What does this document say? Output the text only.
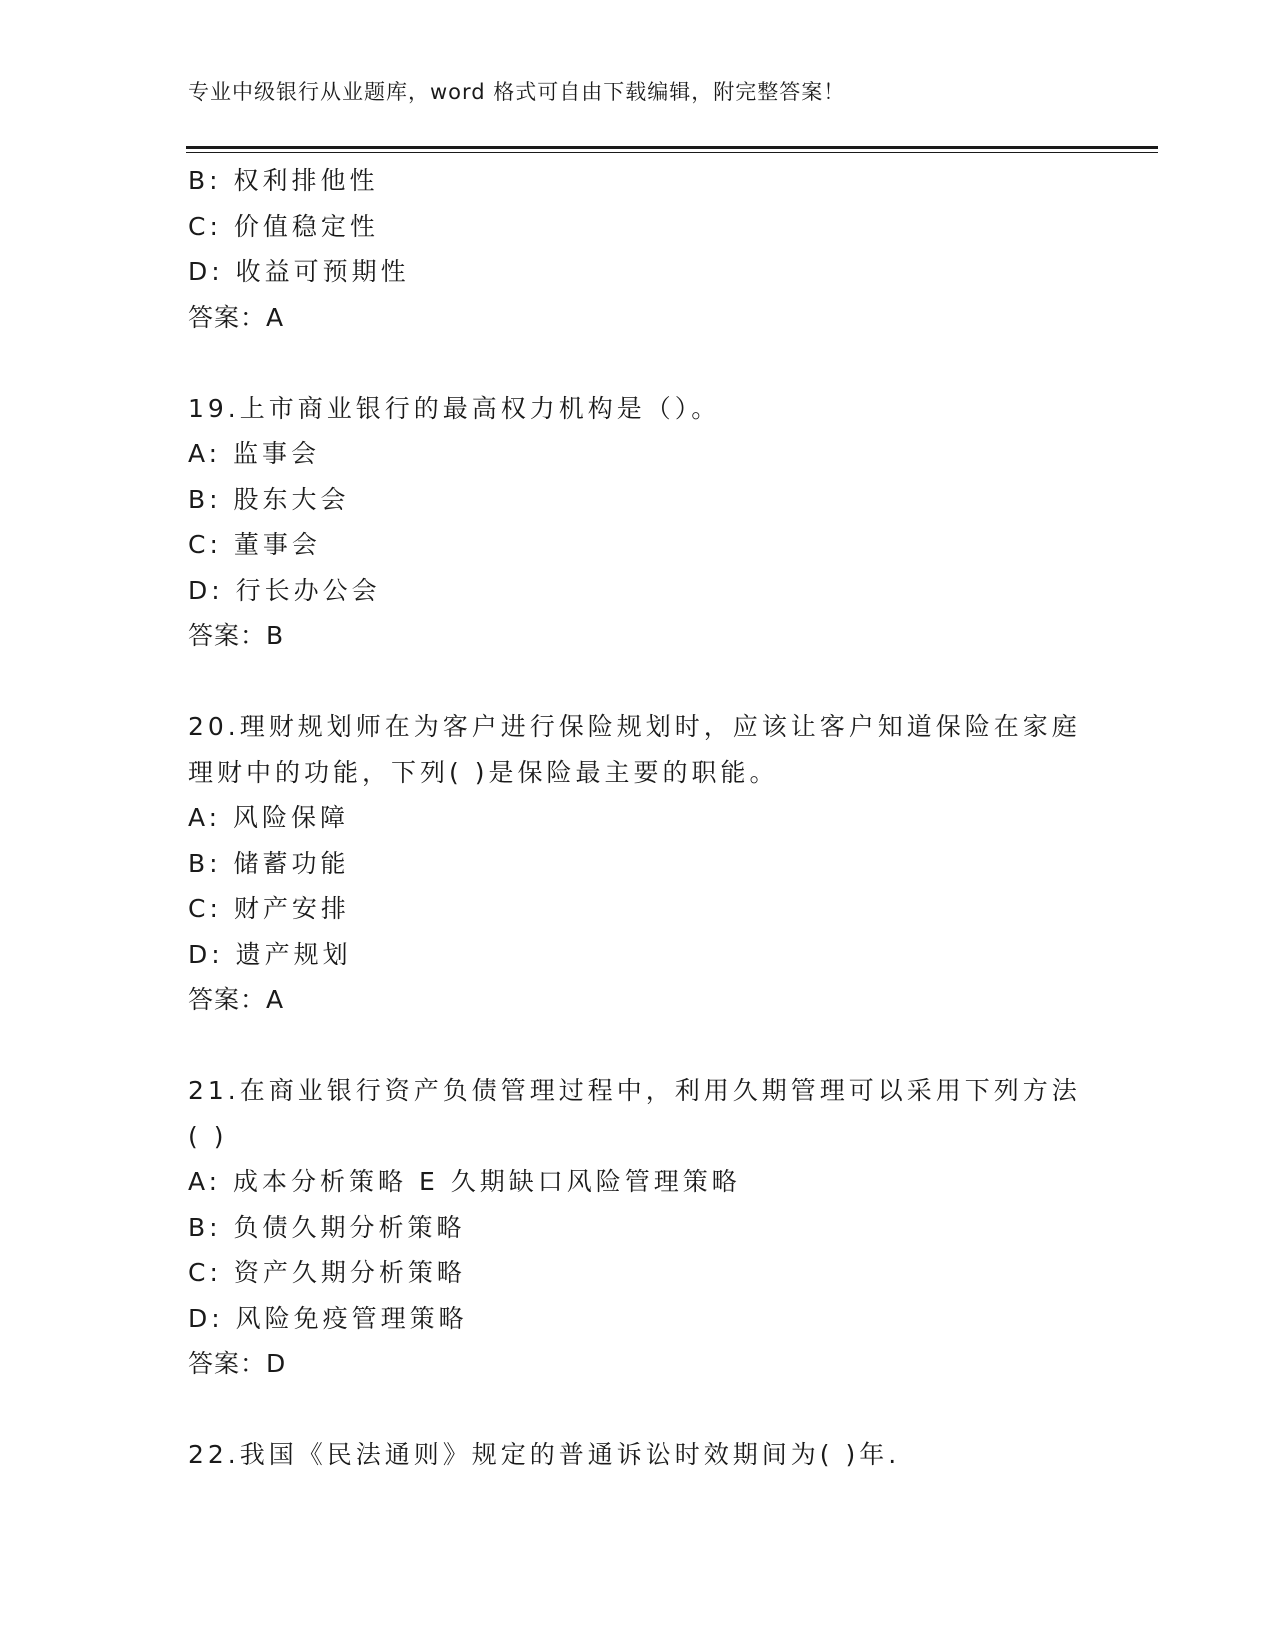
专业中级银行从业题库，word 格式可自由下载编辑，附完整答案！
B: 权利排他性
C: 价值稳定性
D: 收益可预期性
答案：A
19.上市商业银行的最高权力机构是（）。
A: 监事会
B: 股东大会
C: 董事会
D: 行长办公会
答案：B
20.理财规划师在为客户进行保险规划时，应该让客户知道保险在家庭
理财中的功能，下列( )是保险最主要的职能。
A: 风险保障
B: 储蓄功能
C: 财产安排
D: 遗产规划
答案：A
21.在商业银行资产负债管理过程中，利用久期管理可以采用下列方法
( )
A: 成本分析策略 E 久期缺口风险管理策略
B: 负债久期分析策略
C: 资产久期分析策略
D: 风险免疫管理策略
答案：D
22.我国《民法通则》规定的普通诉讼时效期间为( )年.
